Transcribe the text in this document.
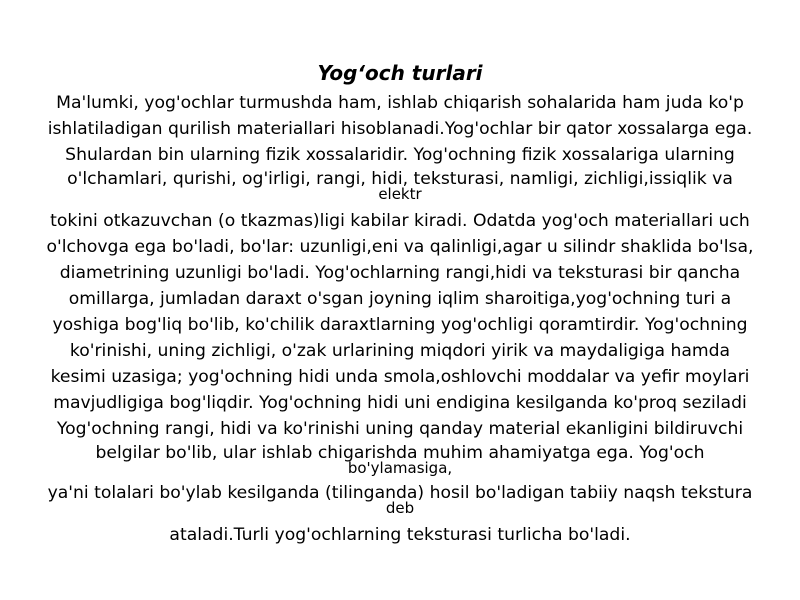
Yog‘och turlari
Ma'lumki, yog'ochlar turmushda ham, ishlab chiqarish sohalarida ham juda ko'p
ishlatiladigan qurilish materiallari hisoblanadi.Yog'ochlar bir qator xossalarga ega.
Shulardan bin ularning fizik xossalaridir. Yog'ochning fizik xossalariga ularning
o'lchamlari, qurishi, og'irligi, rangi, hidi, teksturasi, namligi, zichligi,issiqlik va
elektr
tokini otkazuvchan (o tkazmas)ligi kabilar kiradi. Odatda yog'och materiallari uch
o'lchovga ega bo'ladi, bo'lar: uzunligi,eni va qalinligi,agar u silindr shaklida bo'lsa,
diametrining uzunligi bo'ladi. Yog'ochlarning rangi,hidi va teksturasi bir qancha
omillarga, jumladan daraxt o'sgan joyning iqlim sharoitiga,yog'ochning turi a
yoshiga bog'liq bo'lib, ko'chilik daraxtlarning yog'ochligi qoramtirdir. Yog'ochning
ko'rinishi, uning zichligi, o'zak urlarining miqdori yirik va maydaligiga hamda
kesimi uzasiga; yog'ochning hidi unda smola,oshlovchi moddalar va yefir moylari
mavjudligiga bog'liqdir. Yog'ochning hidi uni endigina kesilganda ko'proq seziladi
Yog'ochning rangi, hidi va ko'rinishi uning qanday material ekanligini bildiruvchi
belgilar bo'lib, ular ishlab chigarishda muhim ahamiyatga ega. Yog'och
bo'ylamasiga,
ya'ni tolalari bo'ylab kesilganda (tilinganda) hosil bo'ladigan tabiiy naqsh tekstura
deb
ataladi.Turli yog'ochlarning teksturasi turlicha bo'ladi.
